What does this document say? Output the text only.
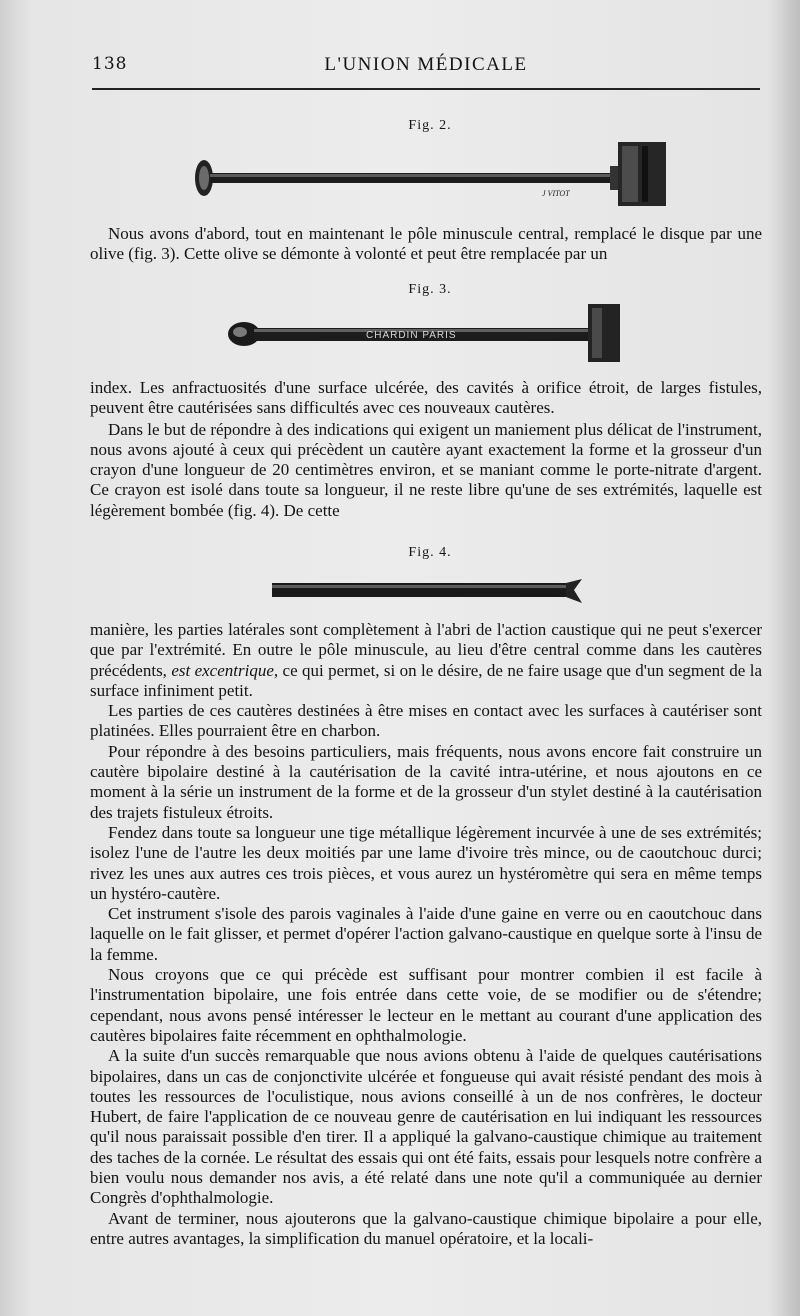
138	L'UNION MÉDICALE
Fig. 2.
J VITOT

Nous avons d'abord, tout en maintenant le pôle minuscule central, remplacé le disque par une olive (fig. 3). Cette olive se démonte à volonté et peut être remplacée par un

Fig. 3.
CHARDIN PARIS

index. Les anfractuosités d'une surface ulcérée, des cavités à orifice étroit, de larges fistules, peuvent être cautérisées sans difficultés avec ces nouveaux cautères.

Dans le but de répondre à des indications qui exigent un maniement plus délicat de l'instrument, nous avons ajouté à ceux qui précèdent un cautère ayant exactement la forme et la grosseur d'un crayon d'une longueur de 20 centimètres environ, et se maniant comme le porte-nitrate d'argent. Ce crayon est isolé dans toute sa longueur, il ne reste libre qu'une de ses extrémités, laquelle est légèrement bombée (fig. 4). De cette

Fig. 4.

manière, les parties latérales sont complètement à l'abri de l'action caustique qui ne peut s'exercer que par l'extrémité. En outre le pôle minuscule, au lieu d'être central comme dans les cautères précédents, est excentrique, ce qui permet, si on le désire, de ne faire usage que d'un segment de la surface infiniment petit.

Les parties de ces cautères destinées à être mises en contact avec les surfaces à cautériser sont platinées. Elles pourraient être en charbon.

Pour répondre à des besoins particuliers, mais fréquents, nous avons encore fait construire un cautère bipolaire destiné à la cautérisation de la cavité intra-utérine, et nous ajoutons en ce moment à la série un instrument de la forme et de la grosseur d'un stylet destiné à la cautérisation des trajets fistuleux étroits.

Fendez dans toute sa longueur une tige métallique légèrement incurvée à une de ses extrémités; isolez l'une de l'autre les deux moitiés par une lame d'ivoire très mince, ou de caoutchouc durci; rivez les unes aux autres ces trois pièces, et vous aurez un hystéromètre qui sera en même temps un hystéro-cautère.

Cet instrument s'isole des parois vaginales à l'aide d'une gaine en verre ou en caoutchouc dans laquelle on le fait glisser, et permet d'opérer l'action galvano-caustique en quelque sorte à l'insu de la femme.

Nous croyons que ce qui précède est suffisant pour montrer combien il est facile à l'instrumentation bipolaire, une fois entrée dans cette voie, de se modifier ou de s'étendre; cependant, nous avons pensé intéresser le lecteur en le mettant au courant d'une application des cautères bipolaires faite récemment en ophthalmologie.

A la suite d'un succès remarquable que nous avions obtenu à l'aide de quelques cautérisations bipolaires, dans un cas de conjonctivite ulcérée et fongueuse qui avait résisté pendant des mois à toutes les ressources de l'oculistique, nous avions conseillé à un de nos confrères, le docteur Hubert, de faire l'application de ce nouveau genre de cautérisation en lui indiquant les ressources qu'il nous paraissait possible d'en tirer. Il a appliqué la galvano-caustique chimique au traitement des taches de la cornée. Le résultat des essais qui ont été faits, essais pour lesquels notre confrère a bien voulu nous demander nos avis, a été relaté dans une note qu'il a communiquée au dernier Congrès d'ophthalmologie.

Avant de terminer, nous ajouterons que la galvano-caustique chimique bipolaire a pour elle, entre autres avantages, la simplification du manuel opératoire, et la locali-
